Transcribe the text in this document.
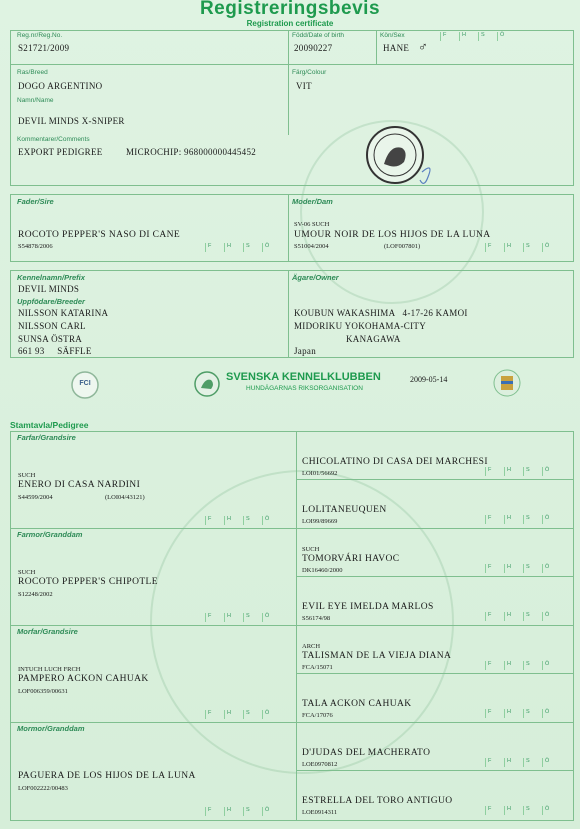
Registreringsbevis
Registration certificate
Reg.nr/Reg.No.
S21721/2009
Född/Date of birth
20090227
Kön/Sex
HANE ♂
F	H	S	Ö
Ras/Breed
DOGO ARGENTINO
Färg/Colour
VIT
Namn/Name
DEVIL MINDS X-SNIPER
Kommentarer/Comments
EXPORT PEDIGREE	MICROCHIP: 968000000445452
Fader/Sire
ROCOTO PEPPER'S NASO DI CANE
S54878/2006	F	H	S	Ö
Moder/Dam
SV-06 SUCH
UMOUR NOIR DE LOS HIJOS DE LA LUNA
S51004/2004	(LOF007801)	F	H	S	Ö
Kennelnamn/Prefix
DEVIL MINDS
Uppfödare/Breeder
NILSSON KATARINA
NILSSON CARL
SUNSA ÖSTRA
661 93     SÄFFLE
Ägare/Owner
KOUBUN WAKASHIMA   4-17-26 KAMOI
MIDORIKU YOKOHAMA-CITY
KANAGAWA
Japan
FCI
SVENSKA KENNELKLUBBEN
HUNDÄGARNAS RIKSORGANISATION
2009-05-14
Stamtavla/Pedigree
Farfar/Grandsire
SUCH
ENERO DI CASA NARDINI
S44599/2004	(LOI04/43121)
F	H	S	Ö
CHICOLATINO DI CASA DEI MARCHESI
LOI01/56692	F	H	S	Ö
LOLITANEUQUEN
LOI99/89669	F	H	S	Ö
Farmor/Granddam
SUCH
ROCOTO PEPPER'S CHIPOTLE
S12248/2002
F	H	S	Ö
SUCH
TOMORVÁRI HAVOC
DK16460/2000	F	H	S	Ö
EVIL EYE IMELDA MARLOS
S56174/98	F	H	S	Ö
Morfar/Grandsire
INTUCH LUCH FRCH
PAMPERO ACKON CAHUAK
LOF006359/00631
F	H	S	Ö
ARCH
TALISMAN DE LA VIEJA DIANA
FCA/15071	F	H	S	Ö
TALA ACKON CAHUAK
FCA/17076	F	H	S	Ö
Mormor/Granddam
PAGUERA DE LOS HIJOS DE LA LUNA
LOF002222/00483
F	H	S	Ö
D'JUDAS DEL MACHERATO
LOE0970812	F	H	S	Ö
ESTRELLA DEL TORO ANTIGUO
LOE0914311	F	H	S	Ö
